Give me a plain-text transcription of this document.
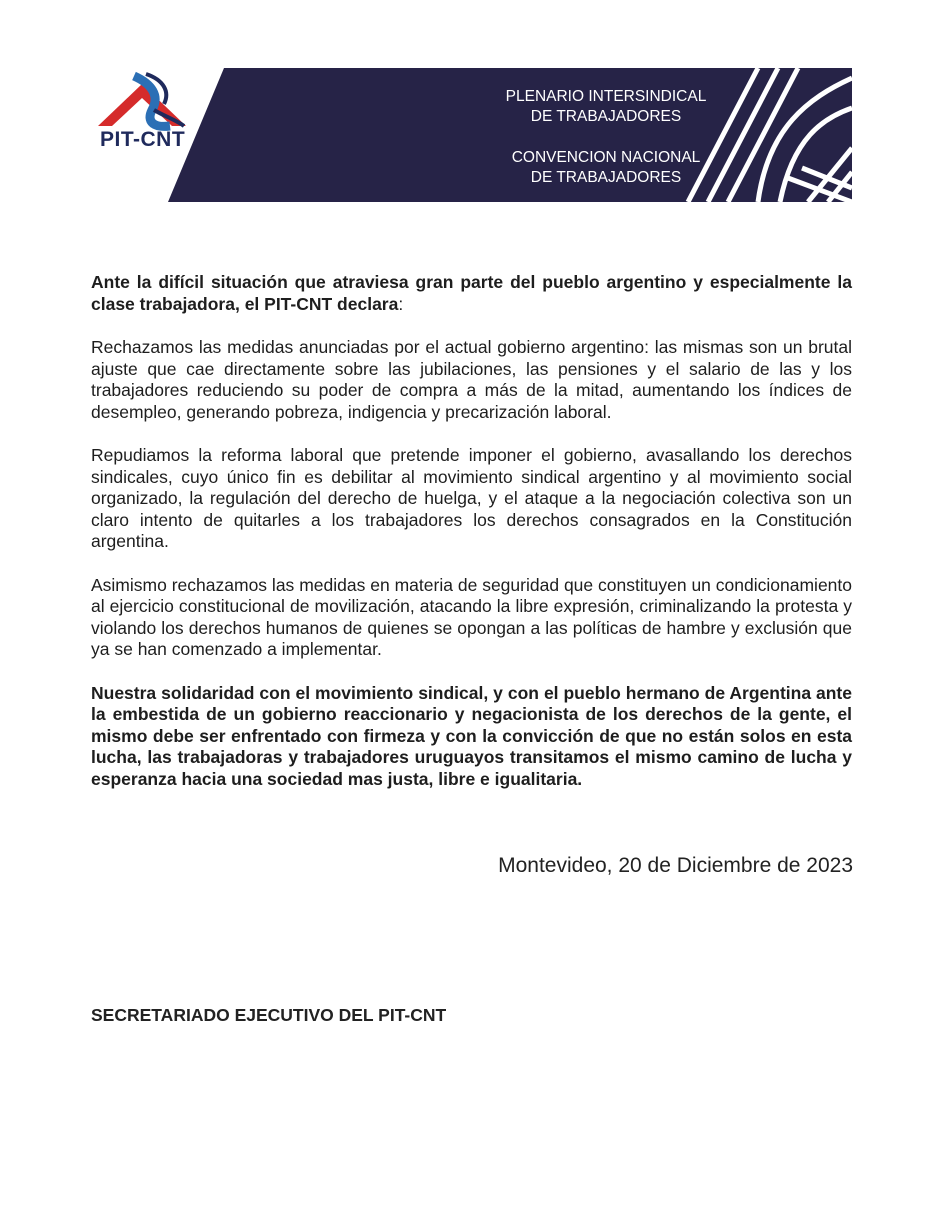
PIT-CNT
PLENARIO INTERSINDICAL
DE TRABAJADORES
CONVENCION NACIONAL
DE TRABAJADORES

Ante la difícil situación que atraviesa gran parte del pueblo argentino y especialmente la clase trabajadora, el PIT-CNT declara:

Rechazamos las medidas anunciadas por el actual gobierno argentino: las mismas son un brutal ajuste que cae directamente sobre las jubilaciones, las pensiones y el salario de las y los trabajadores reduciendo su poder de compra a más de la mitad, aumentando los índices de desempleo, generando pobreza, indigencia y precarización laboral.

Repudiamos la reforma laboral que pretende imponer el gobierno, avasallando los derechos sindicales, cuyo único fin es debilitar al movimiento sindical argentino y al movimiento social organizado, la regulación del derecho de huelga, y el ataque a la negociación colectiva son un claro intento de quitarles a los trabajadores los derechos consagrados en la Constitución argentina.

Asimismo rechazamos las medidas en materia de seguridad que constituyen un condicionamiento al ejercicio constitucional de movilización, atacando la libre expresión, criminalizando la protesta y violando los derechos humanos de quienes se opongan a las políticas de hambre y exclusión que ya se han comenzado a implementar.

Nuestra solidaridad con el movimiento sindical, y con el pueblo hermano de Argentina ante la embestida de un gobierno reaccionario y negacionista de los derechos de la gente, el mismo debe ser enfrentado con firmeza y con la convicción de que no están solos en esta lucha, las trabajadoras y trabajadores uruguayos transitamos el mismo camino de lucha y esperanza hacia una sociedad mas justa, libre e igualitaria.

Montevideo, 20 de Diciembre de 2023
SECRETARIADO EJECUTIVO DEL PIT-CNT
